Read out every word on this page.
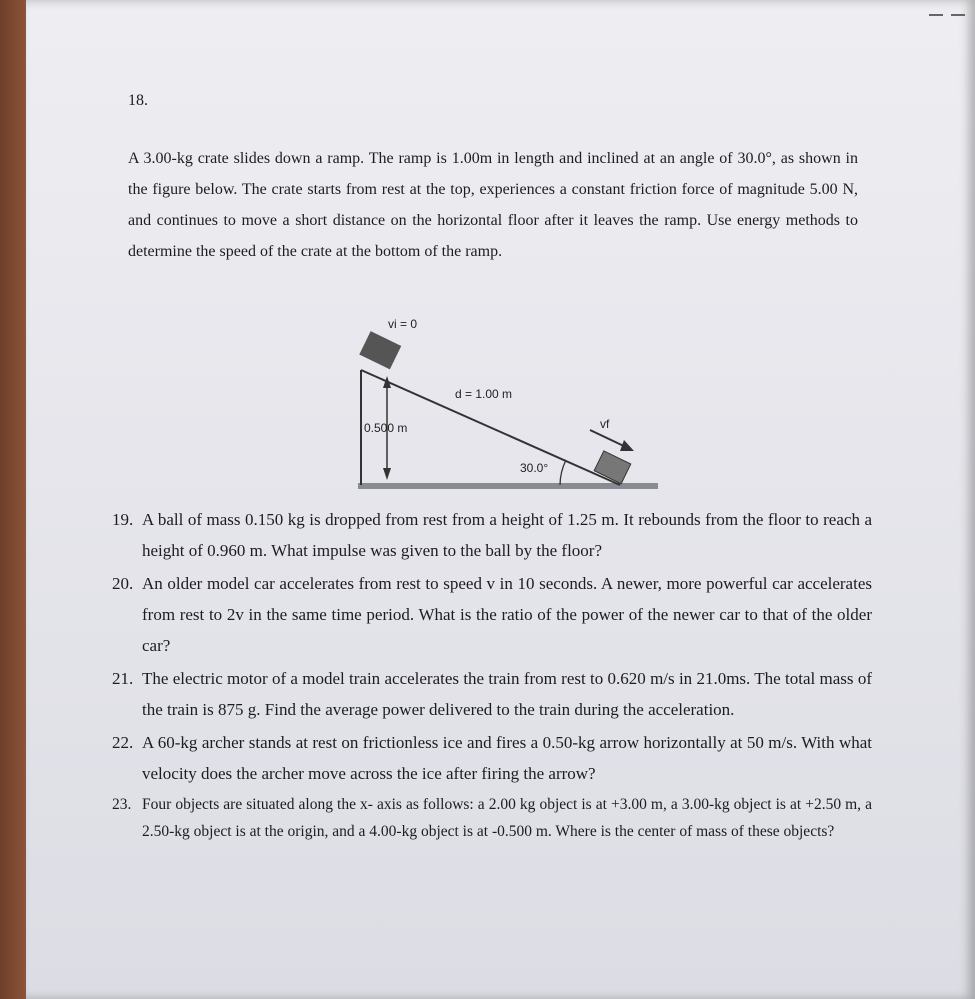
18.
A 3.00-kg crate slides down a ramp. The ramp is 1.00m in length and inclined at an angle of 30.0°, as shown in the figure below. The crate starts from rest at the top, experiences a constant friction force of magnitude 5.00 N, and continues to move a short distance on the horizontal floor after it leaves the ramp. Use energy methods to determine the speed of the crate at the bottom of the ramp.
vi = 0
d = 1.00 m
0.500 m
30.0°
vf
19. A ball of mass 0.150 kg is dropped from rest from a height of 1.25 m. It rebounds from the floor to reach a height of 0.960 m. What impulse was given to the ball by the floor?
20. An older model car accelerates from rest to speed v in 10 seconds. A newer, more powerful car accelerates from rest to 2v in the same time period. What is the ratio of the power of the newer car to that of the older car?
21. The electric motor of a model train accelerates the train from rest to 0.620 m/s in 21.0ms. The total mass of the train is 875 g. Find the average power delivered to the train during the acceleration.
22. A 60-kg archer stands at rest on frictionless ice and fires a 0.50-kg arrow horizontally at 50 m/s. With what velocity does the archer move across the ice after firing the arrow?
23. Four objects are situated along the x- axis as follows: a 2.00 kg object is at +3.00 m, a 3.00-kg object is at +2.50 m, a 2.50-kg object is at the origin, and a 4.00-kg object is at -0.500 m. Where is the center of mass of these objects?
